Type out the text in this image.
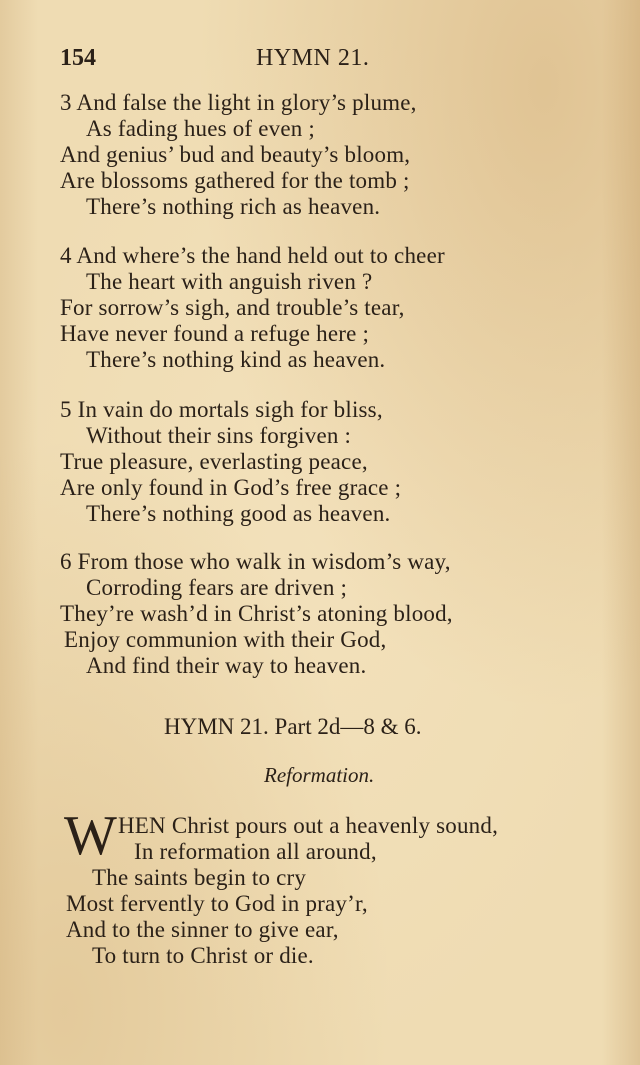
154	HYMN 21.
3 And false the light in glory’s plume,
As fading hues of even ;
And genius’ bud and beauty’s bloom,
Are blossoms gathered for the tomb ;
There’s nothing rich as heaven.
4 And where’s the hand held out to cheer
The heart with anguish riven ?
For sorrow’s sigh, and trouble’s tear,
Have never found a refuge here ;
There’s nothing kind as heaven.
5 In vain do mortals sigh for bliss,
Without their sins forgiven :
True pleasure, everlasting peace,
Are only found in God’s free grace ;
There’s nothing good as heaven.
6 From those who walk in wisdom’s way,
Corroding fears are driven ;
They’re wash’d in Christ’s atoning blood,
Enjoy communion with their God,
And find their way to heaven.
HYMN 21. Part 2d—8 & 6.
Reformation.
W HEN Christ pours out a heavenly sound,
In reformation all around,
The saints begin to cry
Most fervently to God in pray’r,
And to the sinner to give ear,
To turn to Christ or die.
